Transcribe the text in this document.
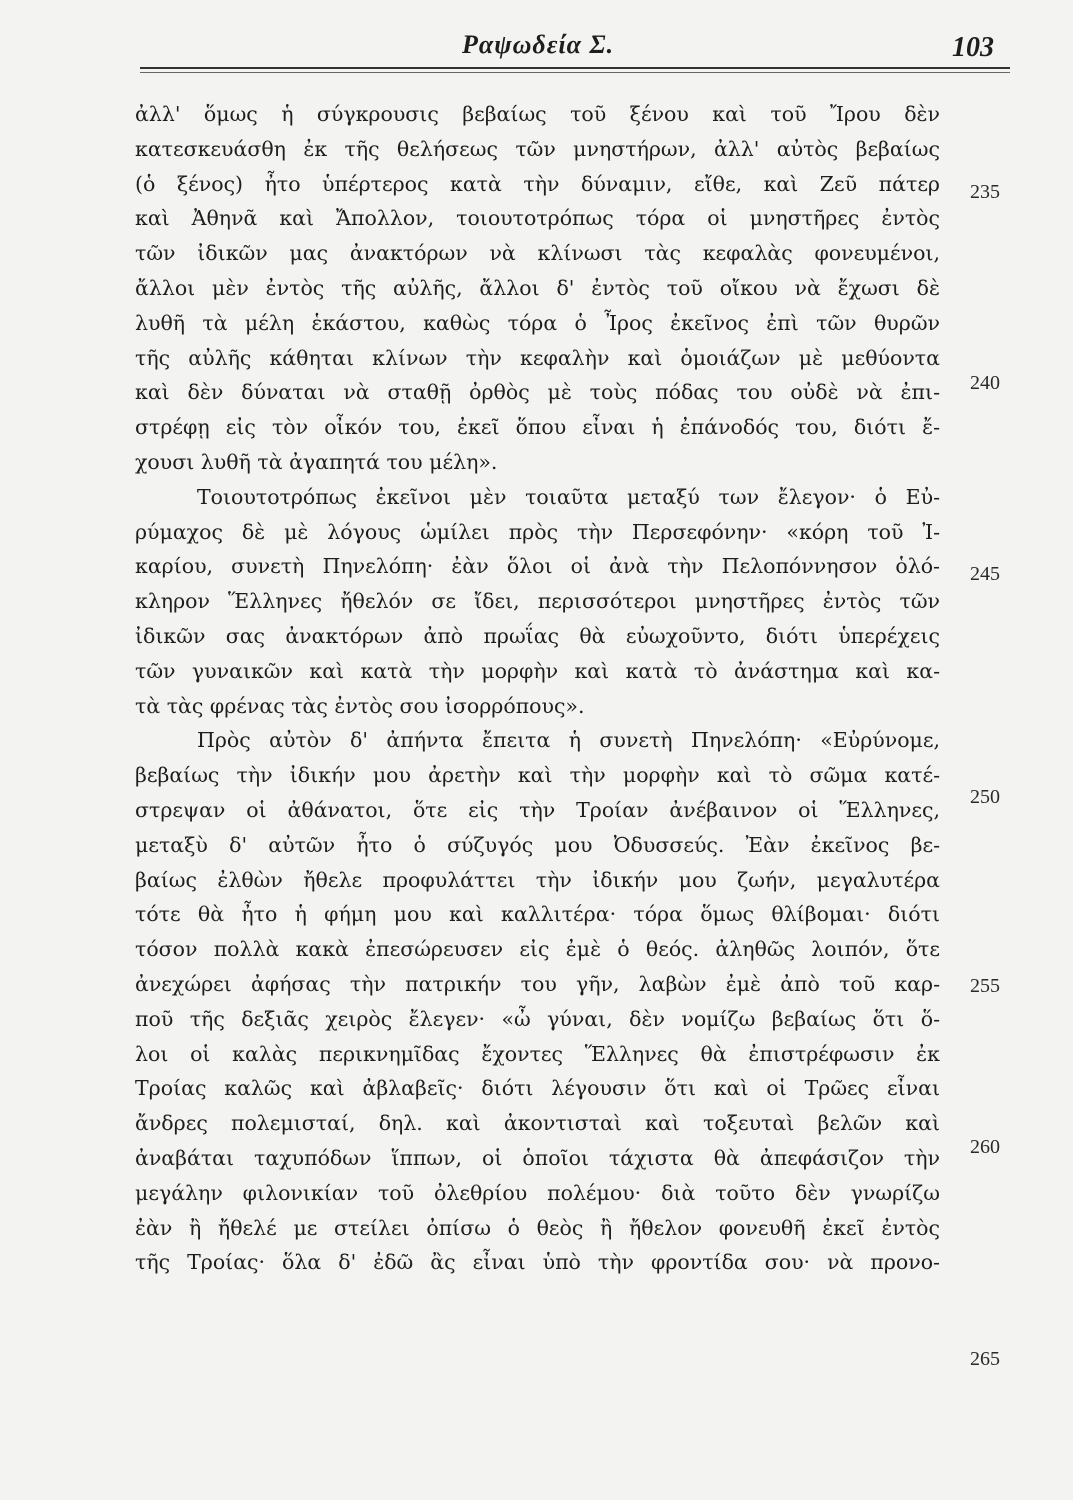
Ραψωδεία Σ.	103
ἀλλ' ὅμως ἡ σύγκρουσις βεβαίως τοῦ ξένου καὶ τοῦ Ἴρου δὲν
κατεσκευάσθη ἐκ τῆς θελήσεως τῶν μνηστήρων, ἀλλ' αὐτὸς βεβαίως
(ὁ ξένος) ἦτο ὑπέρτερος κατὰ τὴν δύναμιν, εἴθε, καὶ Ζεῦ πάτερ
καὶ Ἀθηνᾶ καὶ Ἄπολλον, τοιουτοτρόπως τόρα οἱ μνηστῆρες ἐντὸς
τῶν ἰδικῶν μας ἀνακτόρων νὰ κλίνωσι τὰς κεφαλὰς φονευμένοι,
ἄλλοι μὲν ἐντὸς τῆς αὐλῆς, ἄλλοι δ' ἐντὸς τοῦ οἴκου νὰ ἔχωσι δὲ
λυθῆ τὰ μέλη ἑκάστου, καθὼς τόρα ὁ Ἶρος ἐκεῖνος ἐπὶ τῶν θυρῶν
τῆς αὐλῆς κάθηται κλίνων τὴν κεφαλὴν καὶ ὁμοιάζων μὲ μεθύοντα
καὶ δὲν δύναται νὰ σταθῇ ὀρθὸς μὲ τοὺς πόδας του οὐδὲ νὰ ἐπι-
στρέφῃ εἰς τὸν οἶκόν του, ἐκεῖ ὅπου εἶναι ἡ ἐπάνοδός του, διότι ἔ-
χουσι λυθῆ τὰ ἀγαπητά του μέλη».
Τοιουτοτρόπως ἐκεῖνοι μὲν τοιαῦτα μεταξύ των ἔλεγον· ὁ Εὐ-
ρύμαχος δὲ μὲ λόγους ὡμίλει πρὸς τὴν Περσεφόνην· «κόρη τοῦ Ἰ-
καρίου, συνετὴ Πηνελόπη· ἐὰν ὅλοι οἱ ἀνὰ τὴν Πελοπόννησον ὁλό-
κληρον Ἕλληνες ἤθελόν σε ἴδει, περισσότεροι μνηστῆρες ἐντὸς τῶν
ἰδικῶν σας ἀνακτόρων ἀπὸ πρωΐας θὰ εὐωχοῦντο, διότι ὑπερέχεις
τῶν γυναικῶν καὶ κατὰ τὴν μορφὴν καὶ κατὰ τὸ ἀνάστημα καὶ κα-
τὰ τὰς φρένας τὰς ἐντὸς σου ἰσορρόπους».
Πρὸς αὐτὸν δ' ἀπήντα ἔπειτα ἡ συνετὴ Πηνελόπη· «Εὐρύνομε,
βεβαίως τὴν ἰδικήν μου ἀρετὴν καὶ τὴν μορφὴν καὶ τὸ σῶμα κατέ-
στρεψαν οἱ ἀθάνατοι, ὅτε εἰς τὴν Τροίαν ἀνέβαινον οἱ Ἕλληνες,
μεταξὺ δ' αὐτῶν ἦτο ὁ σύζυγός μου Ὀδυσσεύς. Ἐὰν ἐκεῖνος βε-
βαίως ἐλθὼν ἤθελε προφυλάττει τὴν ἰδικήν μου ζωήν, μεγαλυτέρα
τότε θὰ ἦτο ἡ φήμη μου καὶ καλλιτέρα· τόρα ὅμως θλίβομαι· διότι
τόσον πολλὰ κακὰ ἐπεσώρευσεν εἰς ἐμὲ ὁ θεός. ἀληθῶς λοιπόν, ὅτε
ἀνεχώρει ἀφήσας τὴν πατρικήν του γῆν, λαβὼν ἐμὲ ἀπὸ τοῦ καρ-
ποῦ τῆς δεξιᾶς χειρὸς ἔλεγεν· «ὦ γύναι, δὲν νομίζω βεβαίως ὅτι ὅ-
λοι οἱ καλὰς περικνημῖδας ἔχοντες Ἕλληνες θὰ ἐπιστρέφωσιν ἐκ
Τροίας καλῶς καὶ ἀβλαβεῖς· διότι λέγουσιν ὅτι καὶ οἱ Τρῶες εἶναι
ἄνδρες πολεμισταί, δηλ. καὶ ἀκοντισταὶ καὶ τοξευταὶ βελῶν καὶ
ἀναβάται ταχυπόδων ἵππων, οἱ ὁποῖοι τάχιστα θὰ ἀπεφάσιζον τὴν
μεγάλην φιλονικίαν τοῦ ὀλεθρίου πολέμου· διὰ τοῦτο δὲν γνωρίζω
ἐὰν ἢ ἤθελέ με στείλει ὀπίσω ὁ θεὸς ἢ ἤθελον φονευθῆ ἐκεῖ ἐντὸς
τῆς Τροίας· ὅλα δ' ἐδῶ ἂς εἶναι ὑπὸ τὴν φροντίδα σου· νὰ προνο-
235
240
245
250
255
260
265
